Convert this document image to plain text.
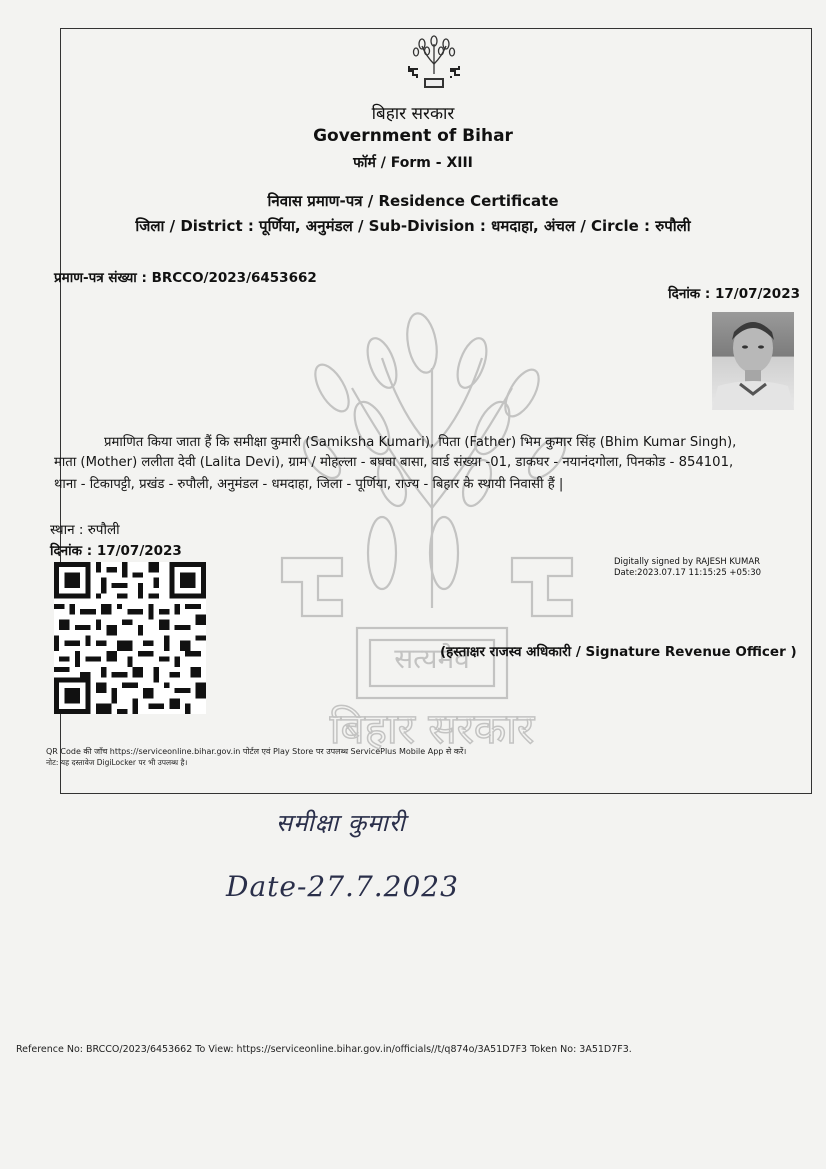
बिहार सरकार
Government of Bihar
फॉर्म / Form - XIII
निवास प्रमाण-पत्र / Residence Certificate
जिला / District : पूर्णिया, अनुमंडल / Sub-Division : धमदाहा, अंचल / Circle : रुपौली
प्रमाण-पत्र संख्या : BRCCO/2023/6453662
दिनांक : 17/07/2023
सत्यमेव
बिहार सरकार
प्रमाणित किया जाता हैं कि समीक्षा कुमारी (Samiksha Kumari), पिता (Father) भिम कुमार सिंह (Bhim Kumar Singh),
माता (Mother) ललीता देवी (Lalita Devi), ग्राम / मोहल्ला - बघवा बासा, वार्ड संख्या -01, डाकघर - नयानंदगोला, पिनकोड - 854101,
थाना - टिकापट्टी, प्रखंड - रुपौली, अनुमंडल - धमदाहा, जिला - पूर्णिया, राज्य - बिहार के स्थायी निवासी हैं |
स्थान : रुपौली
दिनांक : 17/07/2023
Digitally signed by RAJESH KUMAR
Date:2023.07.17 11:15:25 +05:30
(हस्ताक्षर राजस्व अधिकारी / Signature Revenue Officer )
QR Code की जाँच https://serviceonline.bihar.gov.in पोर्टल एवं Play Store पर उपलब्ध ServicePlus Mobile App से करें।
नोट: यह दस्तावेज DigiLocker पर भी उपलब्ध है।
समीक्षा कुमारी
Date-27.7.2023
Reference No: BRCCO/2023/6453662 To View: https://serviceonline.bihar.gov.in/officials//t/q874o/3A51D7F3 Token No: 3A51D7F3.
